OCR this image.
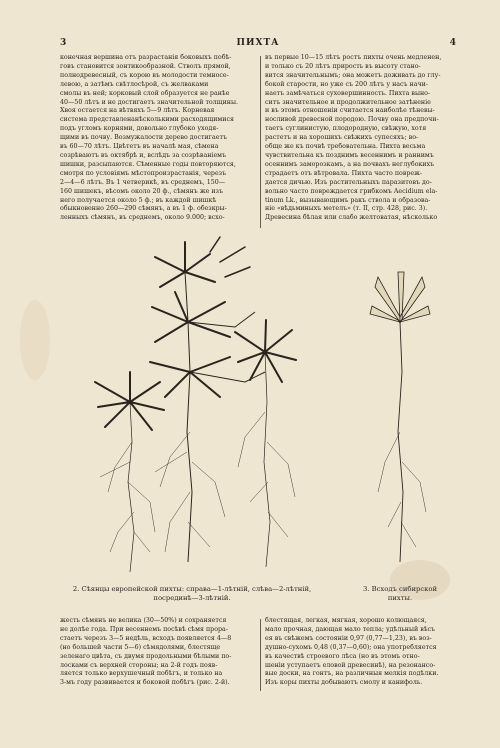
3	ПИХТА	4

конечная вершина отъ разрастанія боковыхъ побѣ-

говъ становится зонтикообразной. Стволъ прямой,

полнодревесный, съ корою въ молодости темносе-

левою, а затѣмъ свѣтлосѣрой, съ желваками

смолы въ ней; корковый слой образуется не ранѣе

40—50 лѣтъ и не достигаетъ значительной толщины.

Хвоя остается на вѣтвяхъ 5—9 лѣтъ. Корневая

система представленанѣсколькими расходящимися

подъ угломъ корнями, довольно глубоко уходя-

щими въ почву. Возмужалости дерево достигаетъ

въ 60—70 лѣтъ. Цвѣтетъ въ началѣ мая, сѣмена

созрѣваютъ въ октябрѣ и, вслѣдъ за созрѣваніемъ

шишки, разсыпаются. Сѣменные годы повторяются,

смотря по условіямъ мѣстопроизрастанія, черезъ

2—4—6 лѣтъ. Въ 1 четверикѣ, въ среднемъ, 150—

160 шишекъ, вѣсомъ около 20 ф., сѣмянъ же изъ

него получается около 5 ф.; въ каждой шишкѣ

обыкновенно 260—290 сѣмянъ, а въ 1 ф. обезкры-

ленныхъ сѣмянъ, въ среднемъ, около 9.000; всхо-

въ первые 10—15 лѣтъ ростъ пихты очень медленен,

и только съ 20 лѣтъ прирость въ высоту стано-

вится значительнымъ; она можетъ доживать до глу-

бокой старости, но уже съ 200 лѣтъ у насъ начи-

наетъ замѣчаться суховершинность. Пихта выно-

ситъ значительное и продолжительное затѣненіе

и въ этомъ отношеніи считается наиболѣе тѣневы-

носливой древесной породою. Почву она предпочи-

таетъ суглинистую, плодородную, свѣжую, хотя

растетъ и на хорошихъ свѣжихъ супесяхъ; во-

обще же къ почвѣ требовательна. Пихта весьма

чувствительна къ позднимъ весеннимъ и раннимъ

осеннимъ заморозкамъ, а на почвахъ неглубокихъ

страдаетъ отъ вѣтровала. Пихта часто повреж-

дается дичью. Изъ растительныхъ паразитовъ до-

вольно часто повреждается грибкомъ Aecidium ela-

tinum Lk., вызывающимъ ракъ ствола и образова-

ніе «вѣдьминыхъ метелъ» (т. II, стр. 428, рис. 3).

Древесина бѣлая или слабо желтоватая, нѣсколько

2. Сѣянцы европейской пихты: справа—1-лѣтній, слѣва—2-лѣтній,
посрединѣ—3-лѣтній.
3. Всходъ сибирской
пихты.

жесть сѣмянъ не велика (30—50%) и сохраняется

не долѣе года. При весеннемъ посѣвѣ сѣмя прора-

стаетъ черезъ 3—5 недѣль, всходъ появляется 4—8

(но большей части 5—6) сѣмядолями, блестяще

зеленаго цвѣта, съ двумя продольными бѣлыми по-

лосками съ верхней стороны; на 2-й годъ появ-

ляется только верхушечный побѣгъ, и только на

3-мъ году развивается и боковой побѣгъ (рис. 2-й).

блестящая, легкая, мягкая, хорошо колющаяся,

мало прочная, дающая мало тепла; удѣльный вѣсъ

ея въ свѣжемъ состояніи 0,97 (0,77—1,23), въ воз-

душно-сухомъ 0,48 (0,37—0,60); она употребляется

въ качествѣ строевого лѣса (но въ этомъ отно-

шеніи уступаетъ еловой древесинѣ), на резонансо-

вые доски, на гонтъ, на различныя мелкія подѣлки.

Изъ коры пихты добываютъ смолу и канифоль.
